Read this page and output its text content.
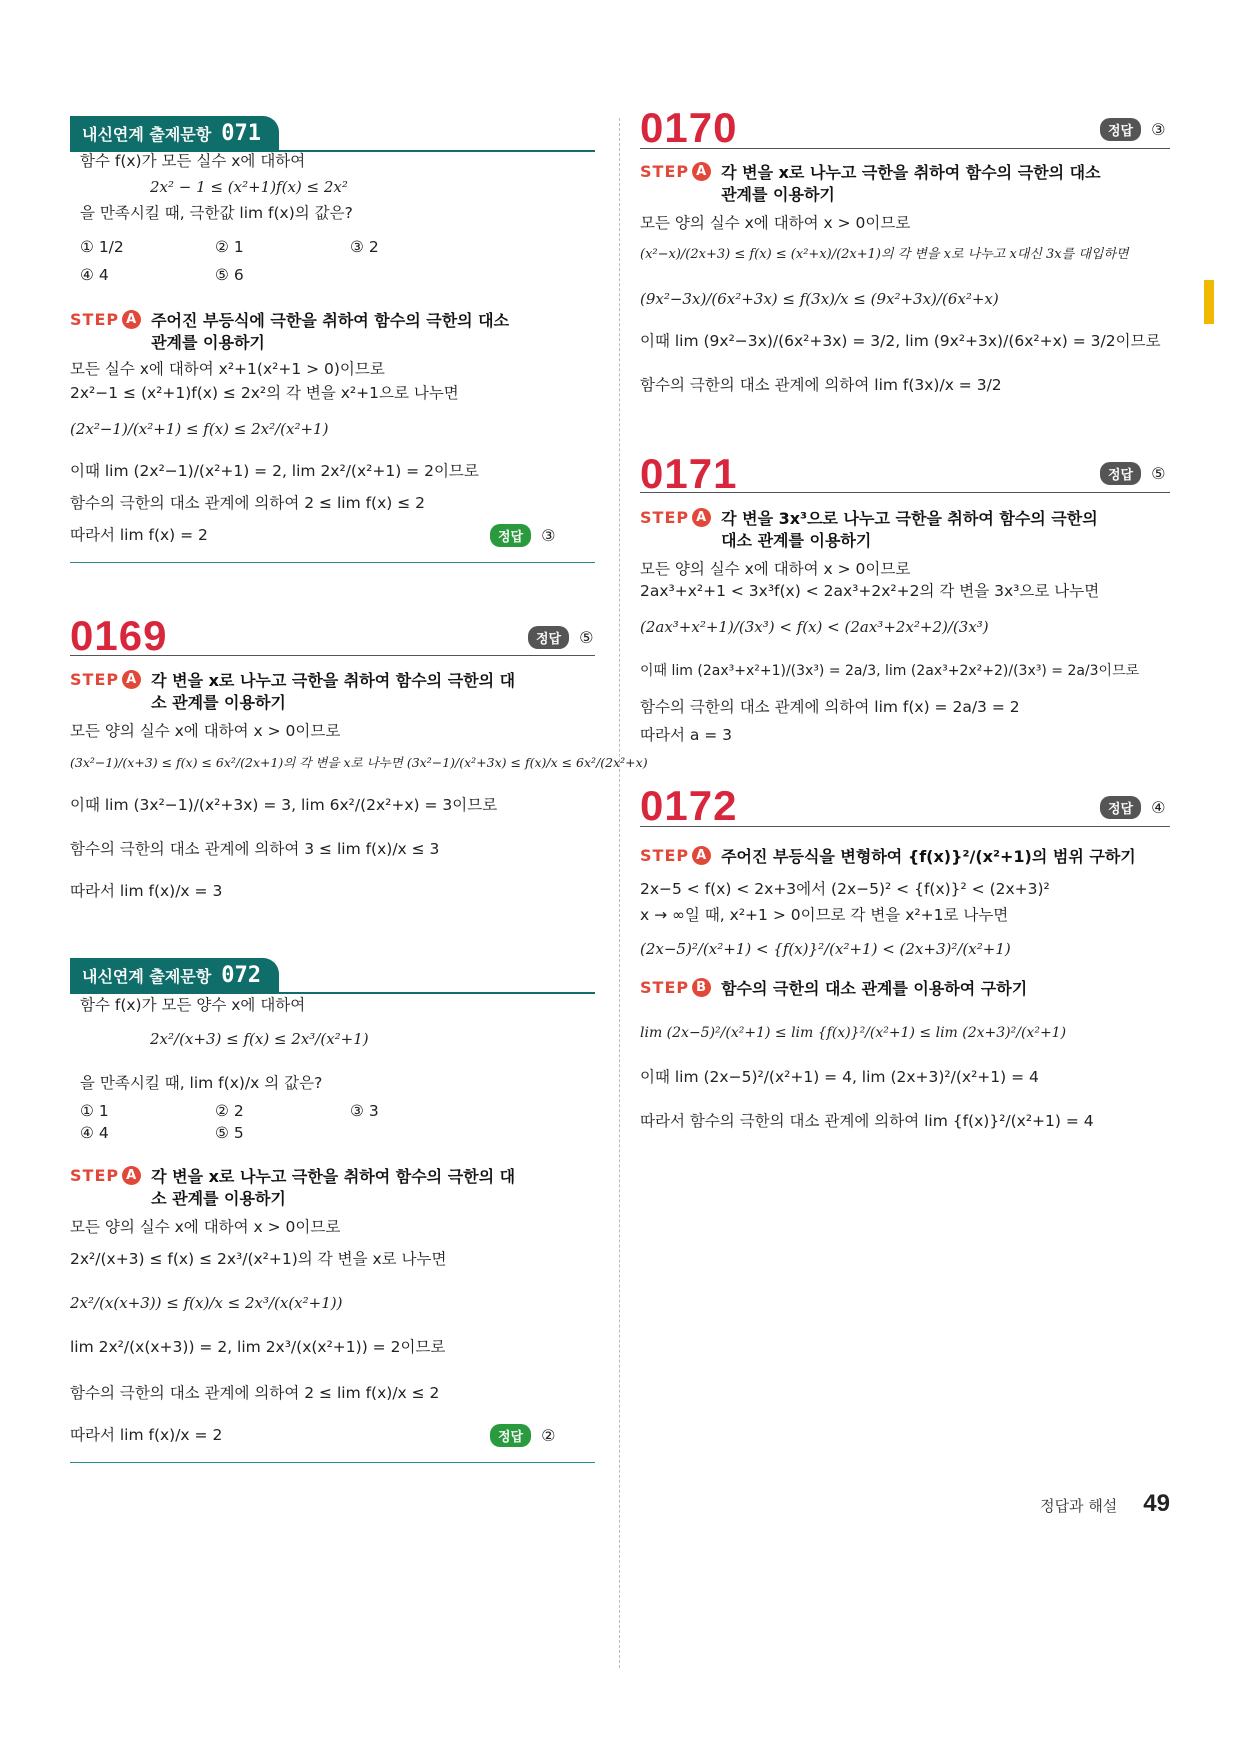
내신연계 출제문항 071
함수 f(x)가 모든 실수 x에 대하여
2x² − 1 ≤ (x²+1)f(x) ≤ 2x²
을 만족시킬 때, 극한값 lim f(x)의 값은?
① 1/2	② 1	③ 2
④ 4	⑤ 6
STEP A 주어진 부등식에 극한을 취하여 함수의 극한의 대소 관계를 이용하기
모든 실수 x에 대하여 x²+1(x²+1 > 0)이므로
2x²−1 ≤ (x²+1)f(x) ≤ 2x²의 각 변을 x²+1으로 나누면
(2x²−1)/(x²+1) ≤ f(x) ≤ 2x²/(x²+1)
이때 lim (2x²−1)/(x²+1) = 2, lim 2x²/(x²+1) = 2이므로
함수의 극한의 대소 관계에 의하여 2 ≤ lim f(x) ≤ 2
따라서 lim f(x) = 2	정답	③
0169	정답	⑤
STEP A 각 변을 x로 나누고 극한을 취하여 함수의 극한의 대소 관계를 이용하기
모든 양의 실수 x에 대하여 x > 0이므로
(3x²−1)/(x+3) ≤ f(x) ≤ 6x²/(2x+1)의 각 변을 x로 나누면 (3x²−1)/(x²+3x) ≤ f(x)/x ≤ 6x²/(2x²+x)
이때 lim (3x²−1)/(x²+3x) = 3, lim 6x²/(2x²+x) = 3이므로
함수의 극한의 대소 관계에 의하여 3 ≤ lim f(x)/x ≤ 3
따라서 lim f(x)/x = 3
내신연계 출제문항 072
함수 f(x)가 모든 양수 x에 대하여
2x²/(x+3) ≤ f(x) ≤ 2x³/(x²+1)
을 만족시킬 때, lim f(x)/x 의 값은?
① 1	② 2	③ 3
④ 4	⑤ 5
STEP A 각 변을 x로 나누고 극한을 취하여 함수의 극한의 대소 관계를 이용하기
모든 양의 실수 x에 대하여 x > 0이므로
2x²/(x+3) ≤ f(x) ≤ 2x³/(x²+1)의 각 변을 x로 나누면
2x²/(x(x+3)) ≤ f(x)/x ≤ 2x³/(x(x²+1))
lim 2x²/(x(x+3)) = 2, lim 2x³/(x(x²+1)) = 2이므로
함수의 극한의 대소 관계에 의하여 2 ≤ lim f(x)/x ≤ 2
따라서 lim f(x)/x = 2	정답	②
0170	정답	③
STEP A 각 변을 x로 나누고 극한을 취하여 함수의 극한의 대소 관계를 이용하기
모든 양의 실수 x에 대하여 x > 0이므로
(x²−x)/(2x+3) ≤ f(x) ≤ (x²+x)/(2x+1)의 각 변을 x로 나누고 x대신 3x를 대입하면
(9x²−3x)/(6x²+3x) ≤ f(3x)/x ≤ (9x²+3x)/(6x²+x)
이때 lim (9x²−3x)/(6x²+3x) = 3/2, lim (9x²+3x)/(6x²+x) = 3/2이므로
함수의 극한의 대소 관계에 의하여 lim f(3x)/x = 3/2
0171	정답	⑤
STEP A 각 변을 3x³으로 나누고 극한을 취하여 함수의 극한의 대소 관계를 이용하기
모든 양의 실수 x에 대하여 x > 0이므로
2ax³+x²+1 < 3x³f(x) < 2ax³+2x²+2의 각 변을 3x³으로 나누면
(2ax³+x²+1)/(3x³) < f(x) < (2ax³+2x²+2)/(3x³)
이때 lim (2ax³+x²+1)/(3x³) = 2a/3, lim (2ax³+2x²+2)/(3x³) = 2a/3이므로
함수의 극한의 대소 관계에 의하여 lim f(x) = 2a/3 = 2
따라서 a = 3
0172	정답	④
STEP A 주어진 부등식을 변형하여 {f(x)}²/(x²+1)의 범위 구하기
2x−5 < f(x) < 2x+3에서 (2x−5)² < {f(x)}² < (2x+3)²
x → ∞일 때, x²+1 > 0이므로 각 변을 x²+1로 나누면
(2x−5)²/(x²+1) < {f(x)}²/(x²+1) < (2x+3)²/(x²+1)
STEP B 함수의 극한의 대소 관계를 이용하여 구하기
lim (2x−5)²/(x²+1) ≤ lim {f(x)}²/(x²+1) ≤ lim (2x+3)²/(x²+1)
이때 lim (2x−5)²/(x²+1) = 4, lim (2x+3)²/(x²+1) = 4
따라서 함수의 극한의 대소 관계에 의하여 lim {f(x)}²/(x²+1) = 4
정답과 해설 49
